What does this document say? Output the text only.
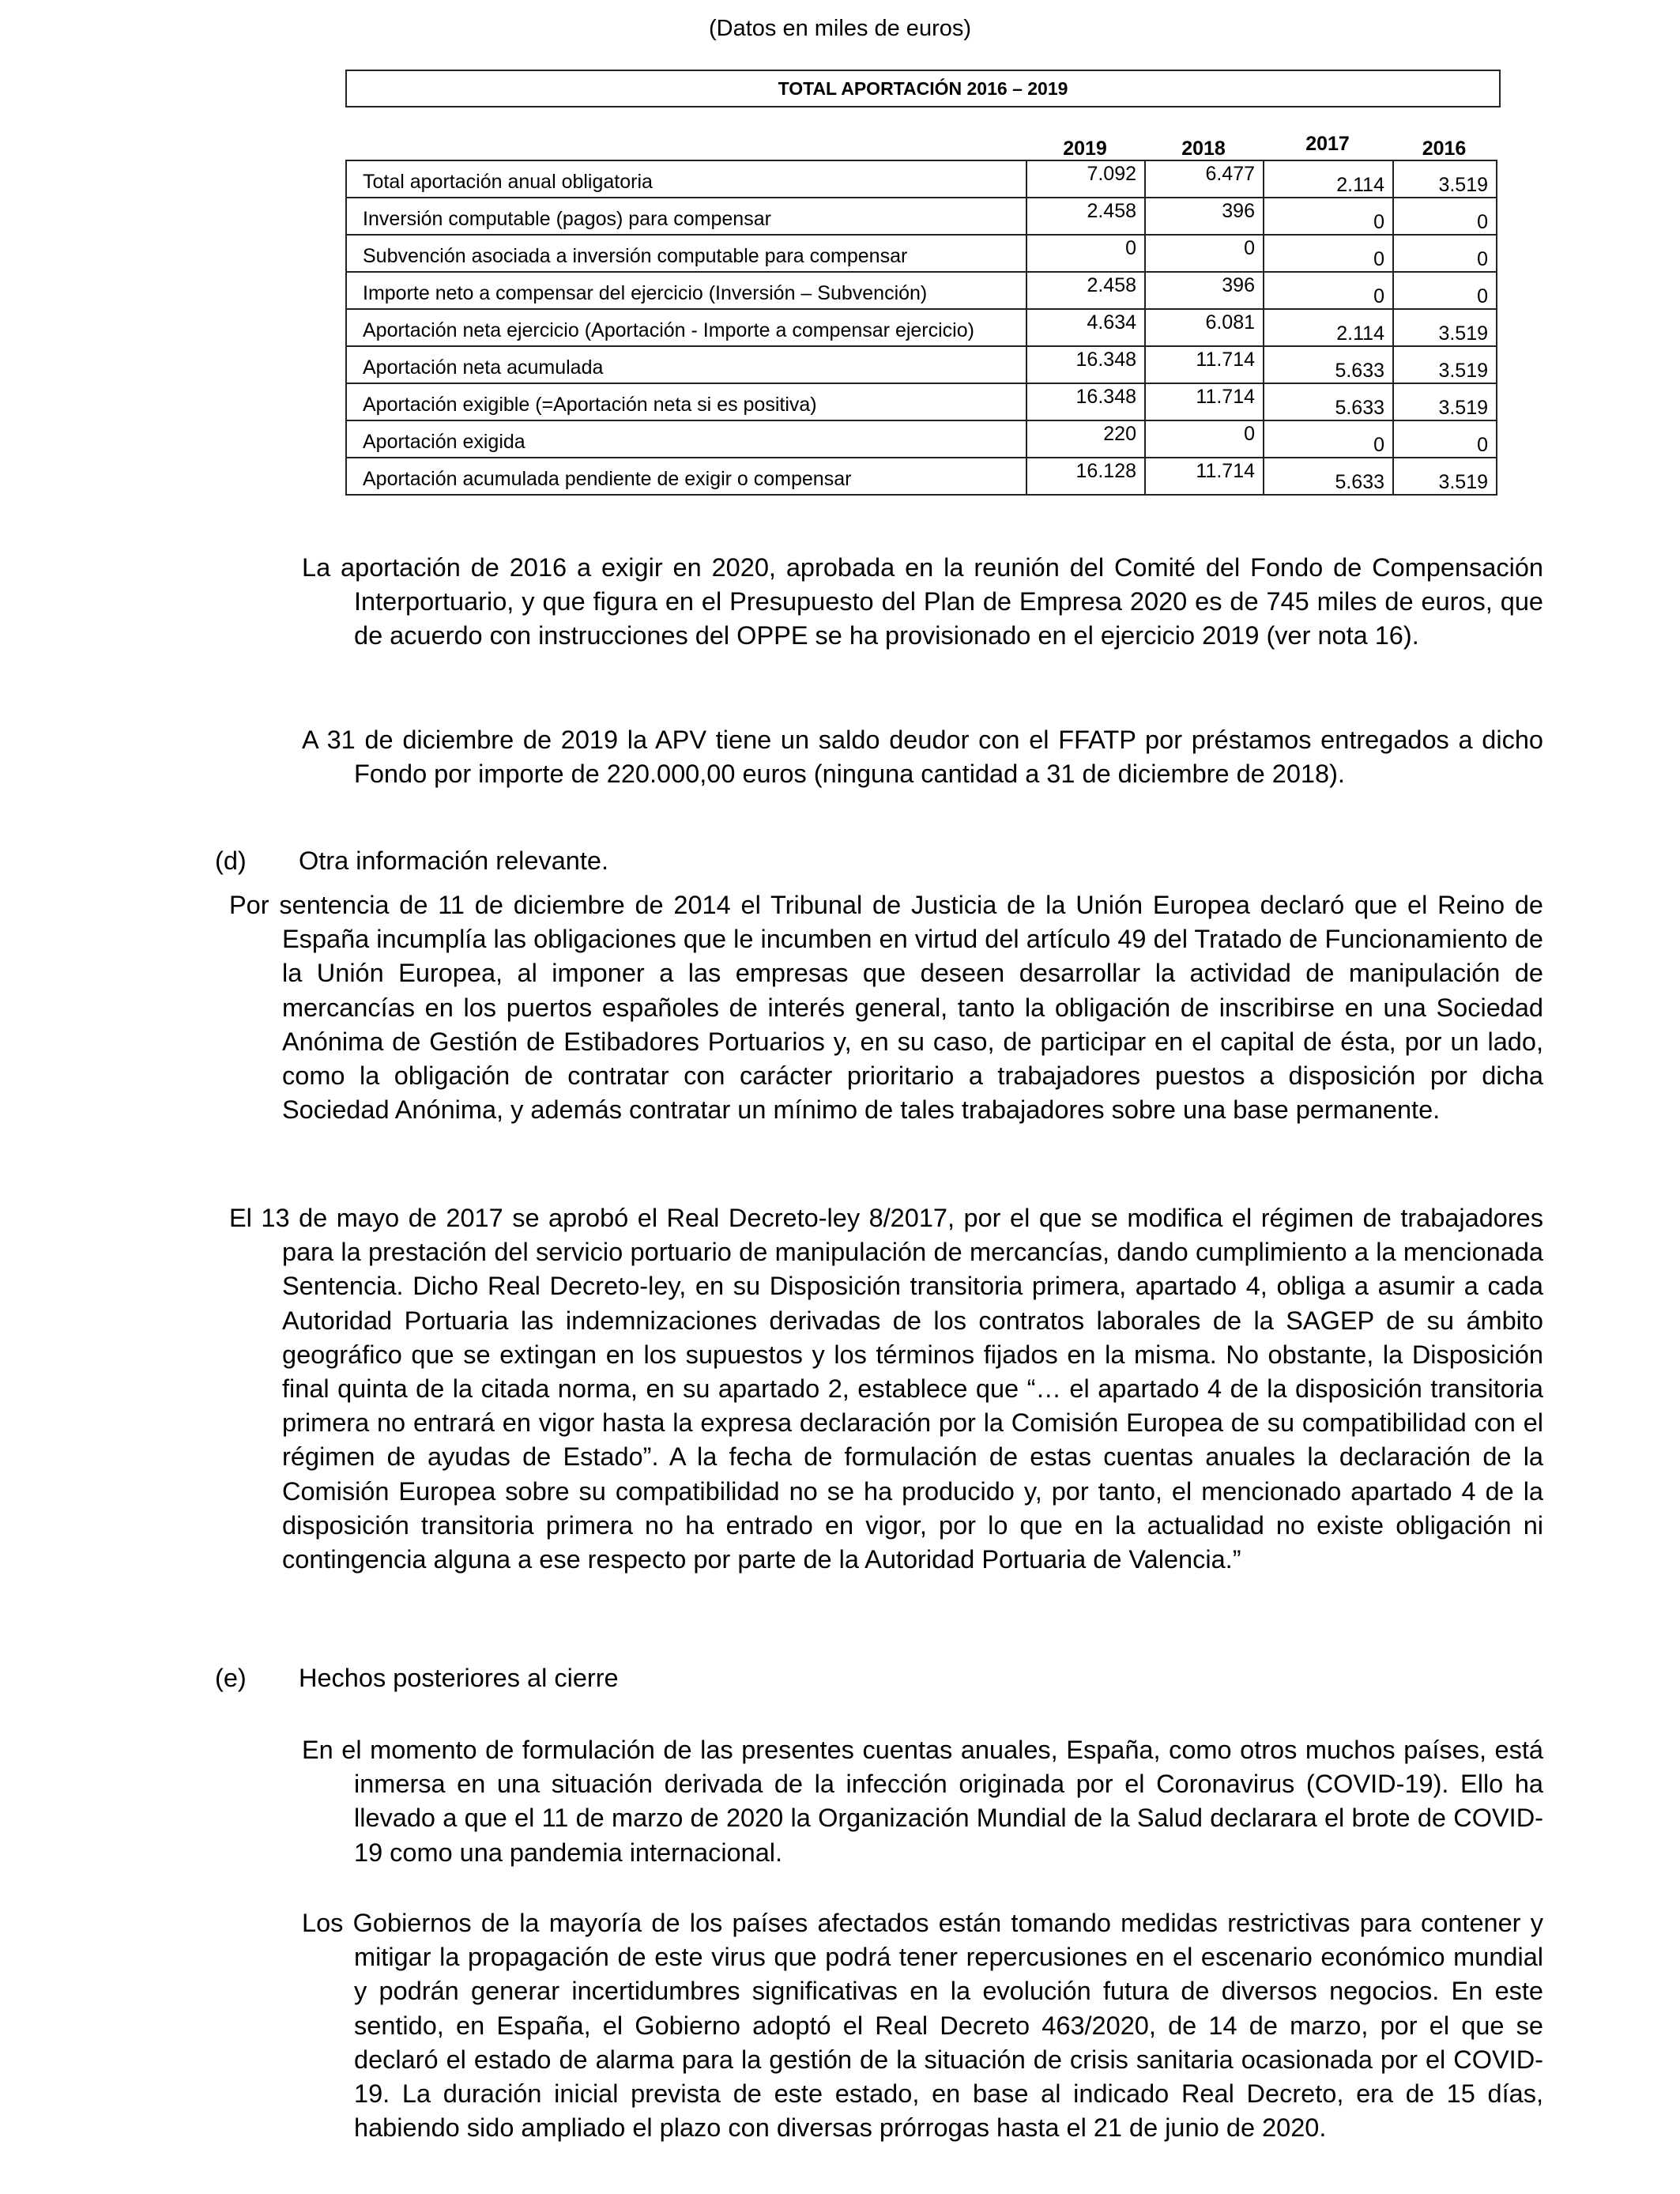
(Datos en miles de euros)
TOTAL APORTACIÓN 2016 – 2019
2019	2018	2017	2016
Total aportación anual obligatoria	7.092	6.477	2.114	3.519
Inversión computable (pagos) para compensar	2.458	396	0	0
Subvención asociada a inversión computable para compensar	0	0	0	0
Importe neto a compensar del ejercicio (Inversión – Subvención)	2.458	396	0	0
Aportación neta ejercicio (Aportación - Importe a compensar ejercicio)	4.634	6.081	2.114	3.519
Aportación neta acumulada	16.348	11.714	5.633	3.519
Aportación exigible (=Aportación neta si es positiva)	16.348	11.714	5.633	3.519
Aportación exigida	220	0	0	0
Aportación acumulada pendiente de exigir o compensar	16.128	11.714	5.633	3.519
La aportación de 2016 a exigir en 2020, aprobada en la reunión del Comité del Fondo de Compensación Interportuario, y que figura en el Presupuesto del Plan de Empresa 2020 es de 745 miles de euros, que de acuerdo con instrucciones del OPPE se ha provisionado en el ejercicio 2019 (ver nota 16).
A 31 de diciembre de 2019 la APV tiene un saldo deudor con el FFATP por préstamos entregados a dicho Fondo por importe de 220.000,00 euros (ninguna cantidad a 31 de diciembre de 2018).
(d) Otra información relevante.
Por sentencia de 11 de diciembre de 2014 el Tribunal de Justicia de la Unión Europea declaró que el Reino de España incumplía las obligaciones que le incumben en virtud del artículo 49 del Tratado de Funcionamiento de la Unión Europea, al imponer a las empresas que deseen desarrollar la actividad de manipulación de mercancías en los puertos españoles de interés general, tanto la obligación de inscribirse en una Sociedad Anónima de Gestión de Estibadores Portuarios y, en su caso, de participar en el capital de ésta, por un lado, como la obligación de contratar con carácter prioritario a trabajadores puestos a disposición por dicha Sociedad Anónima, y además contratar un mínimo de tales trabajadores sobre una base permanente.
El 13 de mayo de 2017 se aprobó el Real Decreto-ley 8/2017, por el que se modifica el régimen de trabajadores para la prestación del servicio portuario de manipulación de mercancías, dando cumplimiento a la mencionada Sentencia. Dicho Real Decreto-ley, en su Disposición transitoria primera, apartado 4, obliga a asumir a cada Autoridad Portuaria las indemnizaciones derivadas de los contratos laborales de la SAGEP de su ámbito geográfico que se extingan en los supuestos y los términos fijados en la misma. No obstante, la Disposición final quinta de la citada norma, en su apartado 2, establece que “… el apartado 4 de la disposición transitoria primera no entrará en vigor hasta la expresa declaración por la Comisión Europea de su compatibilidad con el régimen de ayudas de Estado”. A la fecha de formulación de estas cuentas anuales la declaración de la Comisión Europea sobre su compatibilidad no se ha producido y, por tanto, el mencionado apartado 4 de la disposición transitoria primera no ha entrado en vigor, por lo que en la actualidad no existe obligación ni contingencia alguna a ese respecto por parte de la Autoridad Portuaria de Valencia.”
(e) Hechos posteriores al cierre
En el momento de formulación de las presentes cuentas anuales, España, como otros muchos países, está inmersa en una situación derivada de la infección originada por el Coronavirus (COVID-19). Ello ha llevado a que el 11 de marzo de 2020 la Organización Mundial de la Salud declarara el brote de COVID-19 como una pandemia internacional.
Los Gobiernos de la mayoría de los países afectados están tomando medidas restrictivas para contener y mitigar la propagación de este virus que podrá tener repercusiones en el escenario económico mundial y podrán generar incertidumbres significativas en la evolución futura de diversos negocios. En este sentido, en España, el Gobierno adoptó el Real Decreto 463/2020, de 14 de marzo, por el que se declaró el estado de alarma para la gestión de la situación de crisis sanitaria ocasionada por el COVID-19. La duración inicial prevista de este estado, en base al indicado Real Decreto, era de 15 días, habiendo sido ampliado el plazo con diversas prórrogas hasta el 21 de junio de 2020.
